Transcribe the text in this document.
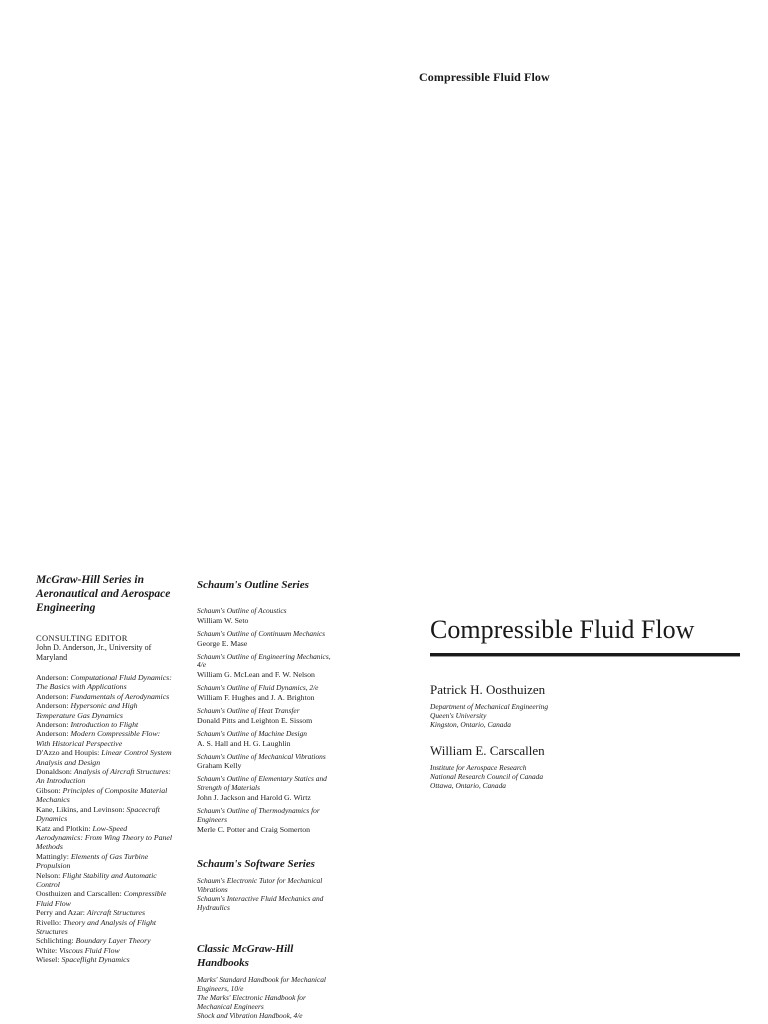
Compressible Fluid Flow
McGraw-Hill Series in
Aeronautical and Aerospace
Engineering
CONSULTING EDITOR
John D. Anderson, Jr., University of
Maryland
Anderson: Computational Fluid Dynamics:
The Basics with Applications
Anderson: Fundamentals of Aerodynamics
Anderson: Hypersonic and High
Temperature Gas Dynamics
Anderson: Introduction to Flight
Anderson: Modern Compressible Flow:
With Historical Perspective
D'Azzo and Houpis: Linear Control System
Analysis and Design
Donaldson: Analysis of Aircraft Structures:
An Introduction
Gibson: Principles of Composite Material
Mechanics
Kane, Likins, and Levinson: Spacecraft
Dynamics
Katz and Plotkin: Low-Speed
Aerodynamics: From Wing Theory to Panel
Methods
Mattingly: Elements of Gas Turbine
Propulsion
Nelson: Flight Stability and Automatic
Control
Oosthuizen and Carscallen: Compressible
Fluid Flow
Perry and Azar: Aircraft Structures
Rivello: Theory and Analysis of Flight
Structures
Schlichting: Boundary Layer Theory
White: Viscous Fluid Flow
Wiesel: Spaceflight Dynamics
Schaum's Outline Series
Schaum's Outline of Acoustics
William W. Seto
Schaum's Outline of Continuum Mechanics
George E. Mase
Schaum's Outline of Engineering Mechanics,
4/e
William G. McLean and F. W. Nelson
Schaum's Outline of Fluid Dynamics, 2/e
William F. Hughes and J. A. Brighton
Schaum's Outline of Heat Transfer
Donald Pitts and Leighton E. Sissom
Schaum's Outline of Machine Design
A. S. Hall and H. G. Laughlin
Schaum's Outline of Mechanical Vibrations
Graham Kelly
Schaum's Outline of Elementary Statics and
Strength of Materials
John J. Jackson and Harold G. Wirtz
Schaum's Outline of Thermodynamics for
Engineers
Merle C. Potter and Craig Somerton
Schaum's Software Series
Schaum's Electronic Tutor for Mechanical
Vibrations
Schaum's Interactive Fluid Mechanics and
Hydraulics
Classic McGraw-Hill
Handbooks
Marks' Standard Handbook for Mechanical
Engineers, 10/e
The Marks' Electronic Handbook for
Mechanical Engineers
Shock and Vibration Handbook, 4/e
Compressible Fluid Flow
Patrick H. Oosthuizen
Department of Mechanical Engineering
Queen's University
Kingston, Ontario, Canada
William E. Carscallen
Institute for Aerospace Research
National Research Council of Canada
Ottawa, Ontario, Canada
